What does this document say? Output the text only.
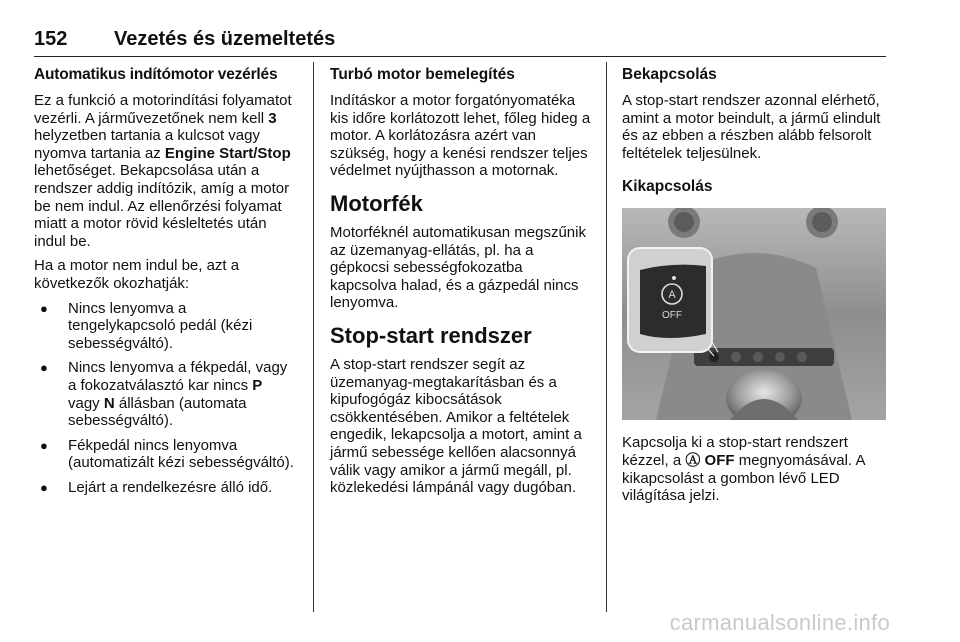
152 Vezetés és üzemeltetés
Automatikus indítómotor vezérlés

Ez a funkció a motorindítási folyamatot vezérli. A járművezetőnek nem kell 3 helyzetben tartania a kulcsot vagy nyomva tartania az Engine Start/Stop lehetőséget. Bekapcsolása után a rendszer addig indítózik, amíg a motor be nem indul. Az ellenőrzési folyamat miatt a motor rövid késleltetés után indul be.

Ha a motor nem indul be, azt a következők okozhatják:

● Nincs lenyomva a tengelykapcsoló pedál (kézi sebességváltó).
● Nincs lenyomva a fékpedál, vagy a fokozatválasztó kar nincs P vagy N állásban (automata sebességváltó).
● Fékpedál nincs lenyomva (automatizált kézi sebességváltó).
● Lejárt a rendelkezésre álló idő.
Turbó motor bemelegítés

Indításkor a motor forgatónyomatéka kis időre korlátozott lehet, főleg hideg a motor. A korlátozásra azért van szükség, hogy a kenési rendszer teljes védelmet nyújthasson a motornak.

Motorfék

Motorféknél automatikusan megszűnik az üzemanyag-ellátás, pl. ha a gépkocsi sebességfokozatba kapcsolva halad, és a gázpedál nincs lenyomva.

Stop-start rendszer

A stop-start rendszer segít az üzemanyag-megtakarításban és a kipufogógáz kibocsátások csökkentésében. Amikor a feltételek engedik, lekapcsolja a motort, amint a jármű sebessége kellően alacsonnyá válik vagy amikor a jármű megáll, pl. közlekedési lámpánál vagy dugóban.

Bekapcsolás

A stop-start rendszer azonnal elérhető, amint a motor beindult, a jármű elindult és az ebben a részben alább felsorolt feltételek teljesülnek.

Kikapcsolás
A
OFF

Kapcsolja ki a stop-start rendszert kézzel, a Ⓐ OFF megnyomásával. A kikapcsolást a gombon lévő LED világítása jelzi.

carmanualsonline.info
